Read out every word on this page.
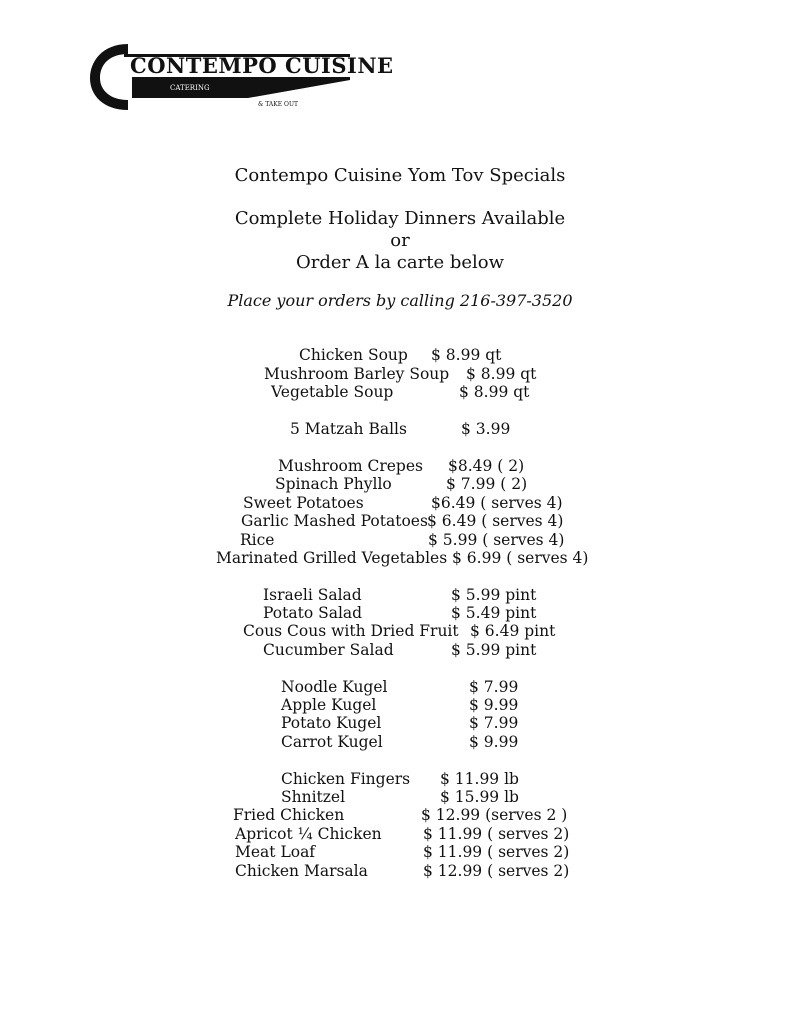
CONTEMPO CUISINE
CATERING
& TAKE OUT
Contempo Cuisine Yom Tov Specials
Complete Holiday Dinners Available
or
Order A la carte below
Place your orders by calling 216-397-3520
Chicken Soup $ 8.99 qt
Mushroom Barley Soup $ 8.99 qt
Vegetable Soup	$ 8.99 qt
5 Matzah Balls	$ 3.99
Mushroom Crepes $8.49 ( 2)
Spinach Phyllo	$ 7.99 ( 2)
Sweet Potatoes	$6.49 ( serves 4)
Garlic Mashed Potatoes $ 6.49 ( serves 4)
Rice	$ 5.99 ( serves 4)
Marinated Grilled Vegetables $ 6.99 ( serves 4)
Israeli Salad	$ 5.99 pint
Potato Salad	$ 5.49 pint
Cous Cous with Dried Fruit $ 6.49 pint
Cucumber Salad	$ 5.99 pint
Noodle Kugel	$ 7.99
Apple Kugel	$ 9.99
Potato Kugel	$ 7.99
Carrot Kugel	$ 9.99
Chicken Fingers $ 11.99 lb
Shnitzel	$ 15.99 lb
Fried Chicken	$ 12.99 (serves 2 )
Apricot ¼ Chicken	$ 11.99 ( serves 2)
Meat Loaf	$ 11.99 ( serves 2)
Chicken Marsala	$ 12.99 ( serves 2)
